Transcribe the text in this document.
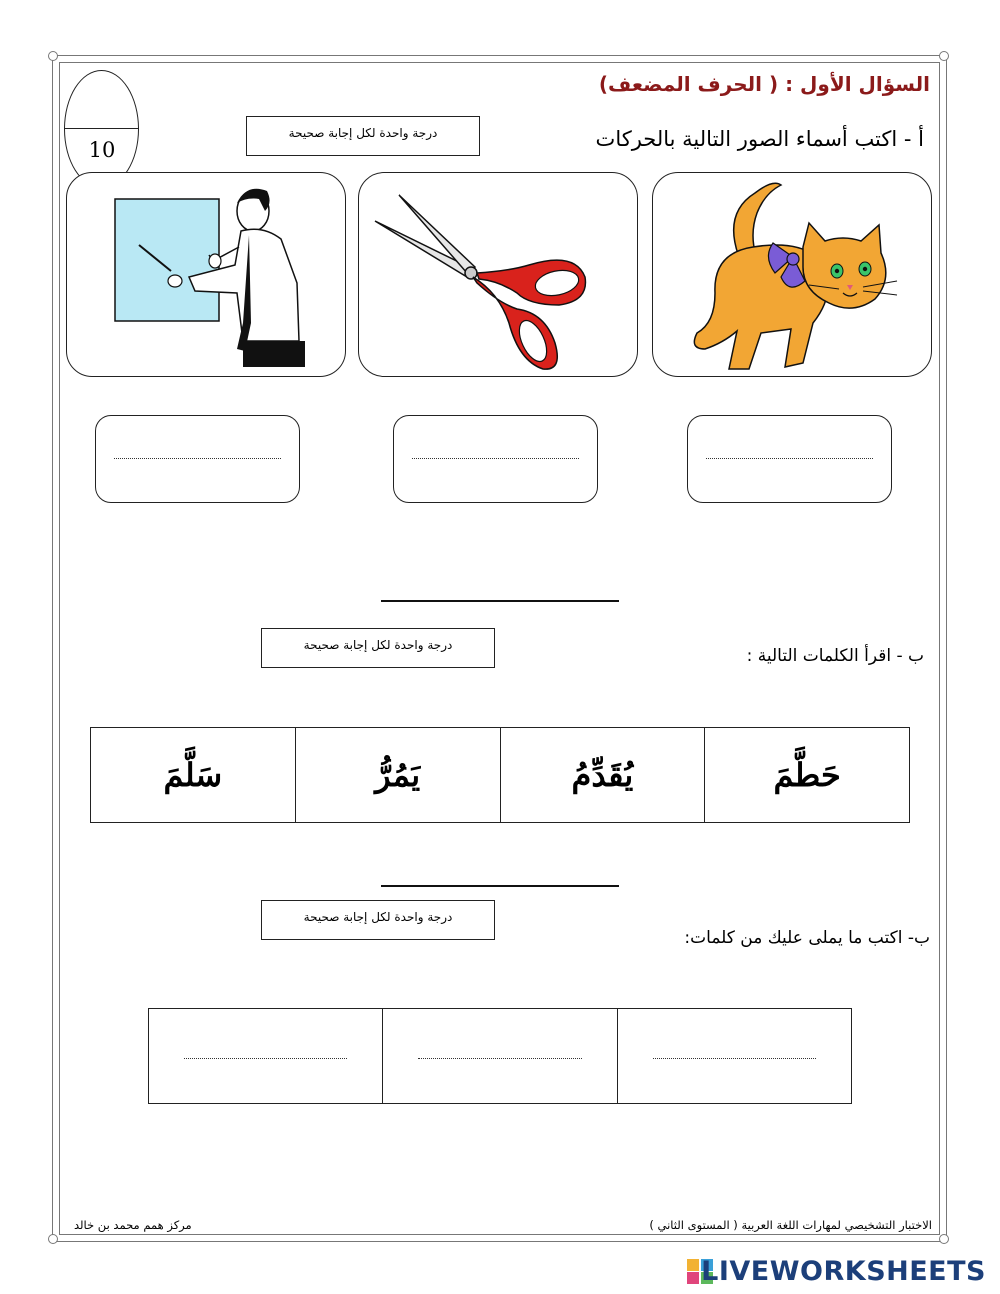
السؤال الأول : ( الحرف المضعف)
10
درجة واحدة لكل إجابة صحيحة	أ - اكتب أسماء الصور التالية بالحركات
درجة واحدة لكل إجابة صحيحة
ب - اقرأ الكلمات التالية :
سَلَّمَ	يَمُرُّ	يُقَدِّمُ	حَطَّمَ
درجة واحدة لكل إجابة صحيحة
ب- اكتب ما يملى عليك من كلمات:

مركز همم محمد بن خالد	الاختبار التشخيصي لمهارات اللغة العربية ( المستوى الثاني )
LIVEWORKSHEETS
